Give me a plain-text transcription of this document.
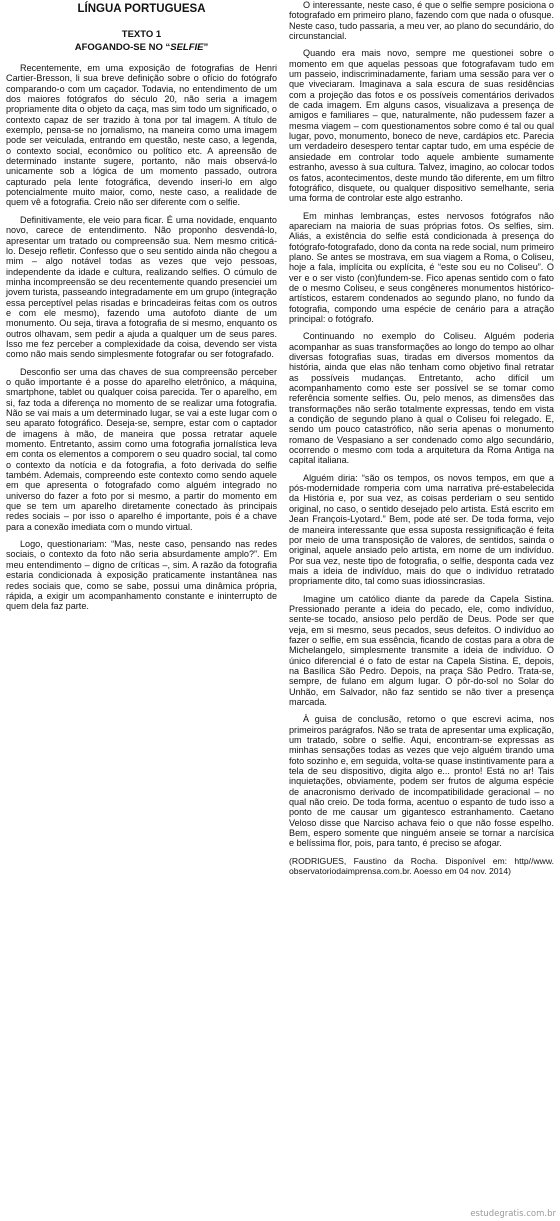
LÍNGUA PORTUGUESA
TEXTO 1
AFOGANDO-SE NO “SELFIE”

Recentemente, em uma exposição de fotografias de Henri Cartier-Bresson, li sua breve definição sobre o ofício do fotógrafo comparando-o com um caçador. Todavia, no entendimento de um dos maiores fotógrafos do século 20, não seria a imagem propriamente dita o objeto da caça, mas sim todo um significado, o contexto capaz de ser trazido à tona por tal imagem. A título de exemplo, pensa-se no jornalismo, na maneira como uma imagem pode ser veiculada, entrando em questão, neste caso, a legenda, o contexto social, econômico ou político etc. A apreensão de determinado instante sugere, portanto, não mais observá-lo unicamente sob a lógica de um momento passado, outrora capturado pela lente fotográfica, devendo inseri-lo em algo potencialmente muito maior, como, neste caso, a realidade de quem vê a fotografia. Creio não ser diferente com o selfie.

Definitivamente, ele veio para ficar. É uma novidade, enquanto novo, carece de entendimento. Não proponho desvendá-lo, apresentar um tratado ou compreensão sua. Nem mesmo criticá-lo. Desejo refletir. Confesso que o seu sentido ainda não chegou a mim – algo notável todas as vezes que vejo pessoas, independente da idade e cultura, realizando selfies. O cúmulo de minha incompreensão se deu recentemente quando presenciei um jovem turista, passeando integradamente em um grupo (integração essa perceptível pelas risadas e brincadeiras feitas com os outros e com ele mesmo), fazendo uma autofoto diante de um monumento. Ou seja, tirava a fotografia de si mesmo, enquanto os outros olhavam, sem pedir a ajuda a qualquer um de seus pares. Isso me fez perceber a complexidade da coisa, devendo ser vista como não mais sendo simplesmente fotografar ou ser fotografado.

Desconfio ser uma das chaves de sua compreensão perceber o quão importante é a posse do aparelho eletrônico, a máquina, smartphone, tablet ou qualquer coisa parecida. Ter o aparelho, em si, faz toda a diferença no momento de se realizar uma fotografia. Não se vai mais a um determinado lugar, se vai a este lugar com o seu aparato fotográfico. Deseja-se, sempre, estar com o captador de imagens à mão, de maneira que possa retratar aquele momento. Entretanto, assim como uma fotografia jornalística leva em conta os elementos a comporem o seu quadro social, tal como o contexto da notícia e da fotografia, a foto derivada do selfie também. Ademais, compreendo este contexto como sendo aquele em que apresenta o fotografado como alguém integrado no universo do fazer a foto por si mesmo, a partir do momento em que se tem um aparelho diretamente conectado às principais redes sociais – por isso o aparelho é importante, pois é a chave para a conexão imediata com o mundo virtual.

Logo, questionariam: “Mas, neste caso, pensando nas redes sociais, o contexto da foto não seria absurdamente amplo?”. Em meu entendimento – digno de críticas –, sim. A razão da fotografia estaria condicionada à exposição praticamente instantânea nas redes sociais que, como se sabe, possui uma dinâmica própria, rápida, a exigir um acompanhamento constante e ininterrupto de quem dela faz parte.

O interessante, neste caso, é que o selfie sempre posiciona o fotografado em primeiro plano, fazendo com que nada o ofusque. Neste caso, tudo passaria, a meu ver, ao plano do secundário, do circunstancial.

Quando era mais novo, sempre me questionei sobre o momento em que aquelas pessoas que fotografavam tudo em um passeio, indiscriminadamente, fariam uma sessão para ver o que viveciaram. Imaginava a sala escura de suas residências com a projeção das fotos e os possíveis comentários derivados de cada imagem. Em alguns casos, visualizava a presença de amigos e familiares – que, naturalmente, não pudessem fazer a mesma viagem – com questionamentos sobre como é tal ou qual lugar, povo, monumento, boneco de neve, cardápios etc. Parecia um verdadeiro desespero tentar captar tudo, em uma espécie de ansiedade em controlar todo aquele ambiente sumamente estranho, avesso à sua cultura. Talvez, imagino, ao colocar todos os fatos, acontecimentos, deste mundo tão diferente, em um filtro fotográfico, disquete, ou qualquer dispositivo semelhante, seria uma forma de controlar este algo estranho.

Em minhas lembranças, estes nervosos fotógrafos não apareciam na maioria de suas próprias fotos. Os selfies, sim. Aliás, a existência do selfie está condicionada à presença do fotógrafo-fotografado, dono da conta na rede social, num primeiro plano. Se antes se mostrava, em sua viagem a Roma, o Coliseu, hoje a fala, implícita ou explícita, é “este sou eu no Coliseu”. O ver e o ser visto (con)fundem-se. Fico apenas sentido com o fato de o mesmo Coliseu, e seus congêneres monumentos histórico-artísticos, estarem condenados ao segundo plano, no fundo da fotografia, compondo uma espécie de cenário para a atração principal: o fotógrafo.

Continuando no exemplo do Coliseu. Alguém poderia acompanhar as suas transformações ao longo do tempo ao olhar diversas fotografias suas, tiradas em diversos momentos da história, ainda que elas não tenham como objetivo final retratar as possíveis mudanças. Entretanto, acho difícil um acompanhamento como este ser possível se se tomar como referência somente selfies. Ou, pelo menos, as dimensões das transformações não serão totalmente expressas, tendo em vista a condição de segundo plano à qual o Coliseu foi relegado. E, sendo um pouco catastrófico, não seria apenas o monumento romano de Vespasiano a ser condenado como algo secundário, ocorrendo o mesmo com toda a arquitetura da Roma Antiga na capital italiana.

Alguém diria: “são os tempos, os novos tempos, em que a pós-modernidade romperia com uma narrativa pré-estabelecida da História e, por sua vez, as coisas perderiam o seu sentido original, no caso, o sentido desejado pelo artista. Está escrito em Jean François-Lyotard.” Bem, pode até ser. De toda forma, vejo de maneira interessante que essa suposta ressignificação é feita por meio de uma transposição de valores, de sentidos, sainda o original, aquele ansiado pelo artista, em nome de um indivíduo. Por sua vez, neste tipo de fotografia, o selfie, desponta cada vez mais a ideia de indivíduo, mais do que o indivíduo retratado propriamente dito, tal como suas idiossincrasias.

Imagine um católico diante da parede da Capela Sistina. Pressionado perante a ideia do pecado, ele, como indivíduo, sente-se tocado, ansioso pelo perdão de Deus. Pode ser que veja, em si mesmo, seus pecados, seus defeitos. O indivíduo ao fazer o selfie, em sua essência, ficando de costas para a obra de Michelangelo, simplesmente transmite a ideia de indivíduo. O único diferencial é o fato de estar na Capela Sistina. E, depois, na Basílica São Pedro. Depois, na praça São Pedro. Trata-se, sempre, de fulano em algum lugar. O pôr-do-sol no Solar do Unhão, em Salvador, não faz sentido se não tiver a presença marcada.

À guisa de conclusão, retomo o que escrevi acima, nos primeiros parágrafos. Não se trata de apresentar uma explicação, um tratado, sobre o selfie. Aqui, encontram-se expressas as minhas sensações todas as vezes que vejo alguém tirando uma foto sozinho e, em seguida, volta-se quase instintivamente para a tela de seu dispositivo, digita algo e... pronto! Está no ar! Tais inquietações, obviamente, podem ser frutos de alguma espécie de anacronismo derivado de incompatibilidade geracional – no qual não creio. De toda forma, acentuo o espanto de tudo isso a ponto de me causar um gigantesco estranhamento. Caetano Veloso disse que Narciso achava feio o que não fosse espelho. Bem, espero somente que ninguém anseie se tornar a narcísica e belíssima flor, pois, para tanto, é preciso se afogar.

(RODRIGUES, Faustino da Rocha. Disponível em: http//www. observatoriodaimprensa.com.br. Aoesso em 04 nov. 2014)
estudegratis.com.br
